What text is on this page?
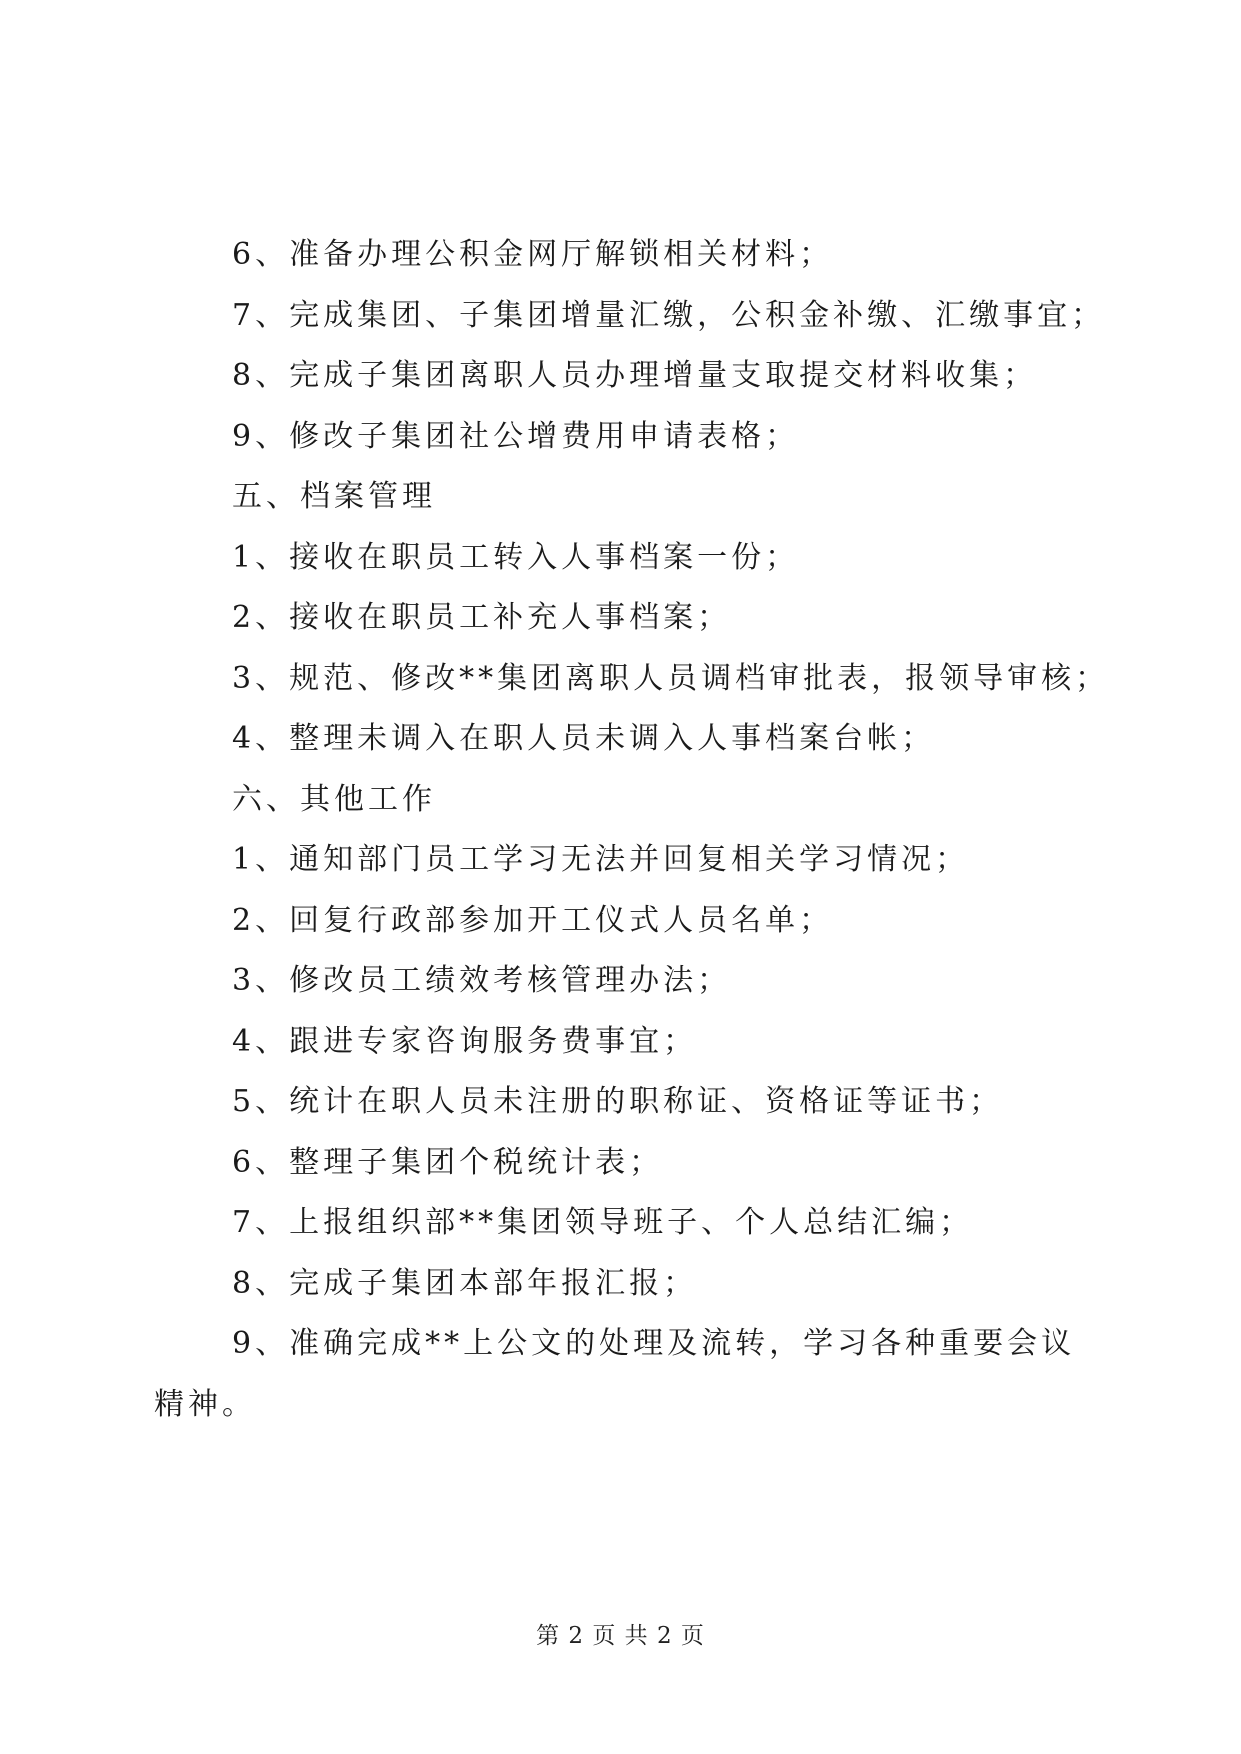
6、准备办理公积金网厅解锁相关材料；
7、完成集团、子集团增量汇缴，公积金补缴、汇缴事宜；
8、完成子集团离职人员办理增量支取提交材料收集；
9、修改子集团社公增费用申请表格；
五、档案管理
1、接收在职员工转入人事档案一份；
2、接收在职员工补充人事档案；
3、规范、修改**集团离职人员调档审批表，报领导审核；
4、整理未调入在职人员未调入人事档案台帐；
六、其他工作
1、通知部门员工学习无法并回复相关学习情况；
2、回复行政部参加开工仪式人员名单；
3、修改员工绩效考核管理办法；
4、跟进专家咨询服务费事宜；
5、统计在职人员未注册的职称证、资格证等证书；
6、整理子集团个税统计表；
7、上报组织部**集团领导班子、个人总结汇编；
8、完成子集团本部年报汇报；
9、准确完成**上公文的处理及流转，学习各种重要会议精神。
第 2 页 共 2 页
